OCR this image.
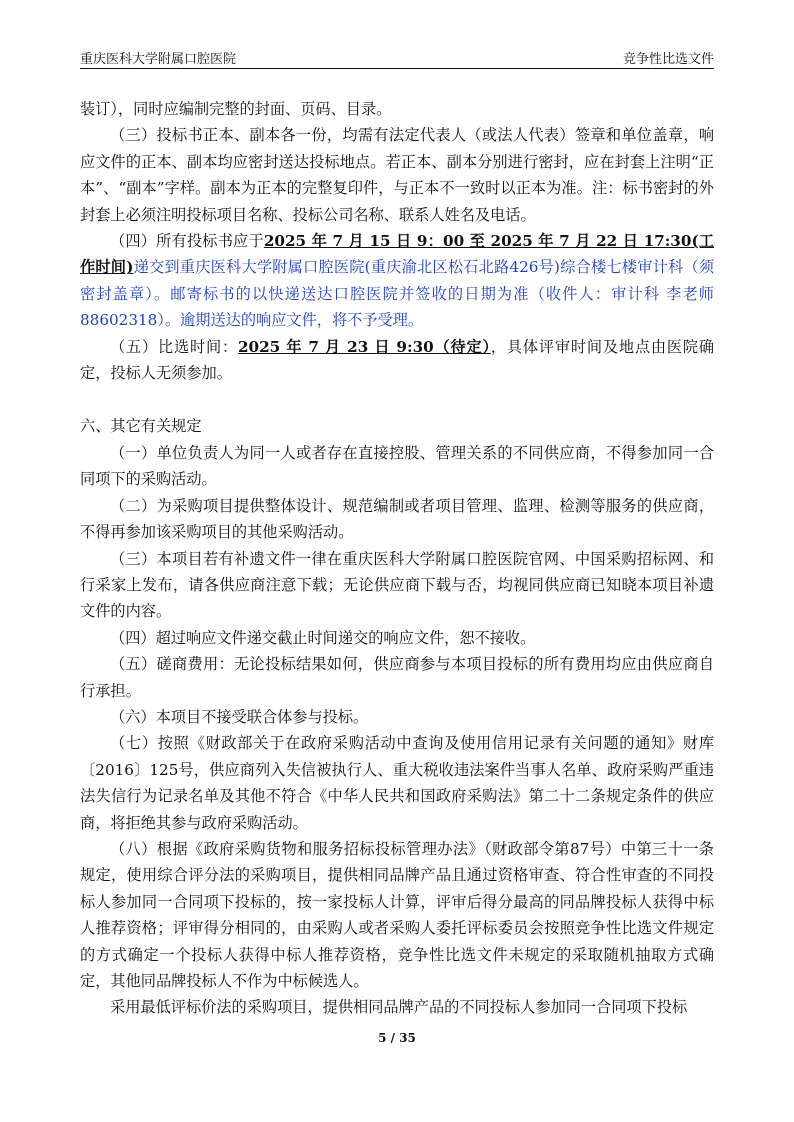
重庆医科大学附属口腔医院	竞争性比选文件

装订），同时应编制完整的封面、页码、目录。

（三）投标书正本、副本各一份，均需有法定代表人（或法人代表）签章和单位盖章，响应文件的正本、副本均应密封送达投标地点。若正本、副本分别进行密封，应在封套上注明“正本”、“副本”字样。副本为正本的完整复印件，与正本不一致时以正本为准。注：标书密封的外封套上必须注明投标项目名称、投标公司名称、联系人姓名及电话。

（四）所有投标书应于2025 年 7 月 15 日 9：00 至 2025 年 7 月 22 日 17:30(工作时间)递交到重庆医科大学附属口腔医院(重庆渝北区松石北路426号)综合楼七楼审计科（须密封盖章）。邮寄标书的以快递送达口腔医院并签收的日期为准（收件人：审计科 李老师 88602318）。逾期送达的响应文件，将不予受理。

（五）比选时间：2025 年 7 月 23 日 9:30（待定），具体评审时间及地点由医院确定，投标人无须参加。

六、其它有关规定

（一）单位负责人为同一人或者存在直接控股、管理关系的不同供应商，不得参加同一合同项下的采购活动。

（二）为采购项目提供整体设计、规范编制或者项目管理、监理、检测等服务的供应商，不得再参加该采购项目的其他采购活动。

（三）本项目若有补遗文件一律在重庆医科大学附属口腔医院官网、中国采购招标网、和行采家上发布，请各供应商注意下载；无论供应商下载与否，均视同供应商已知晓本项目补遗文件的内容。

（四）超过响应文件递交截止时间递交的响应文件，恕不接收。

（五）磋商费用：无论投标结果如何，供应商参与本项目投标的所有费用均应由供应商自行承担。

（六）本项目不接受联合体参与投标。

（七）按照《财政部关于在政府采购活动中查询及使用信用记录有关问题的通知》财库〔2016〕125号，供应商列入失信被执行人、重大税收违法案件当事人名单、政府采购严重违法失信行为记录名单及其他不符合《中华人民共和国政府采购法》第二十二条规定条件的供应商，将拒绝其参与政府采购活动。

（八）根据《政府采购货物和服务招标投标管理办法》（财政部令第87号）中第三十一条规定，使用综合评分法的采购项目，提供相同品牌产品且通过资格审查、符合性审查的不同投标人参加同一合同项下投标的，按一家投标人计算，评审后得分最高的同品牌投标人获得中标人推荐资格；评审得分相同的，由采购人或者采购人委托评标委员会按照竞争性比选文件规定的方式确定一个投标人获得中标人推荐资格，竞争性比选文件未规定的采取随机抽取方式确定，其他同品牌投标人不作为中标候选人。

采用最低评标价法的采购项目，提供相同品牌产品的不同投标人参加同一合同项下投标

5 / 35
